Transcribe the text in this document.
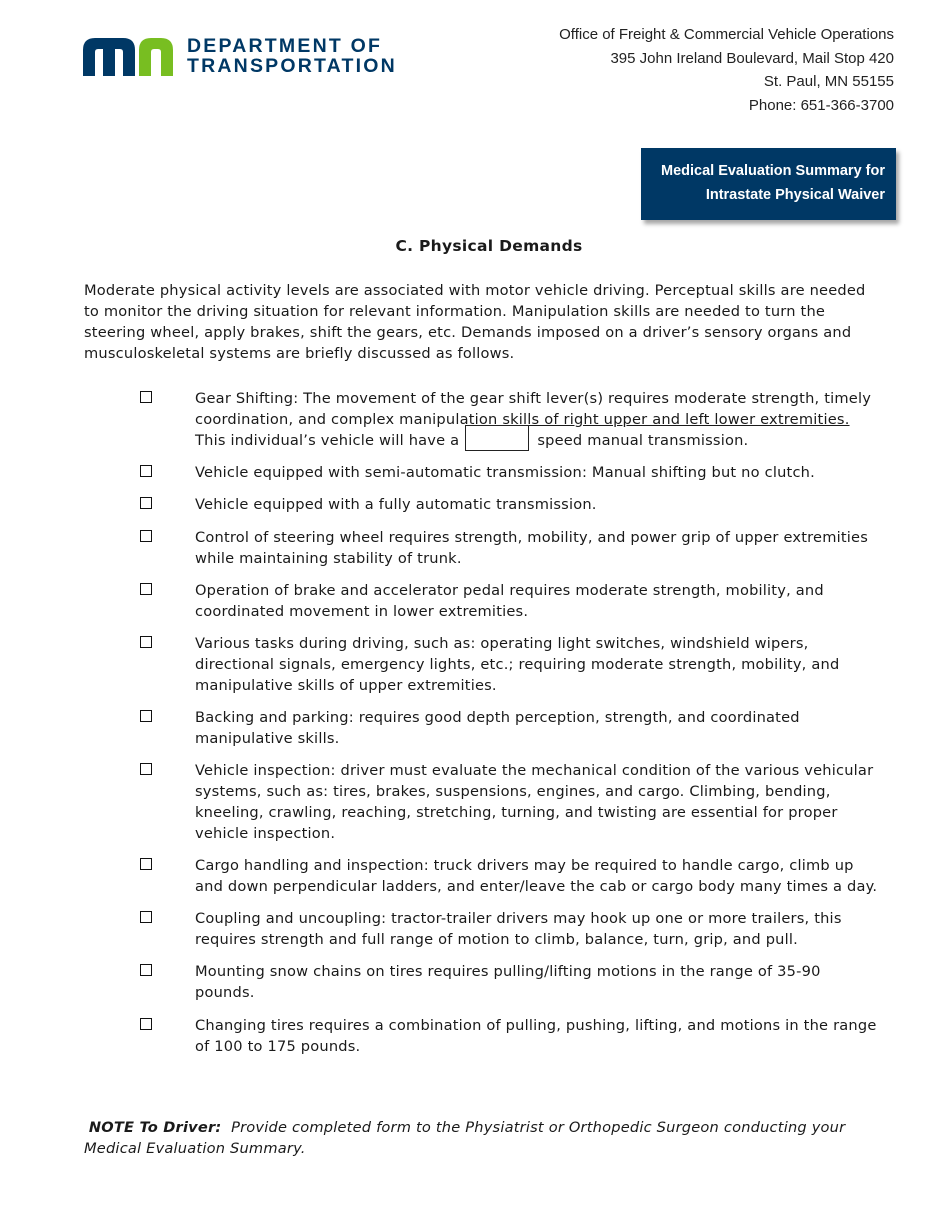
DEPARTMENT OF
TRANSPORTATION
Office of Freight & Commercial Vehicle Operations
395 John Ireland Boulevard, Mail Stop 420
St. Paul, MN 55155
Phone: 651-366-3700
Medical Evaluation Summary for
Intrastate Physical Waiver
C. Physical Demands

Moderate physical activity levels are associated with motor vehicle driving. Perceptual skills are needed to monitor the driving situation for relevant information. Manipulation skills are needed to turn the steering wheel, apply brakes, shift the gears, etc. Demands imposed on a driver’s sensory organs and musculoskeletal systems are briefly discussed as follows.

Gear Shifting: The movement of the gear shift lever(s) requires moderate strength, timely coordination, and complex manipulation skills of right upper and left lower extremities. This individual’s vehicle will have a	speed manual transmission.
Vehicle equipped with semi-automatic transmission: Manual shifting but no clutch.
Vehicle equipped with a fully automatic transmission.
Control of steering wheel requires strength, mobility, and power grip of upper extremities while maintaining stability of trunk.
Operation of brake and accelerator pedal requires moderate strength, mobility, and coordinated movement in lower extremities.
Various tasks during driving, such as: operating light switches, windshield wipers, directional signals, emergency lights, etc.; requiring moderate strength, mobility, and manipulative skills of upper extremities.
Backing and parking: requires good depth perception, strength, and coordinated manipulative skills.
Vehicle inspection: driver must evaluate the mechanical condition of the various vehicular systems, such as: tires, brakes, suspensions, engines, and cargo. Climbing, bending, kneeling, crawling, reaching, stretching, turning, and twisting are essential for proper vehicle inspection.
Cargo handling and inspection: truck drivers may be required to handle cargo, climb up and down perpendicular ladders, and enter/leave the cab or cargo body many times a day.
Coupling and uncoupling: tractor-trailer drivers may hook up one or more trailers, this requires strength and full range of motion to climb, balance, turn, grip, and pull.
Mounting snow chains on tires requires pulling/lifting motions in the range of 35-90 pounds.
Changing tires requires a combination of pulling, pushing, lifting, and motions in the range of 100 to 175 pounds.

NOTE To Driver: Provide completed form to the Physiatrist or Orthopedic Surgeon conducting your Medical Evaluation Summary.
